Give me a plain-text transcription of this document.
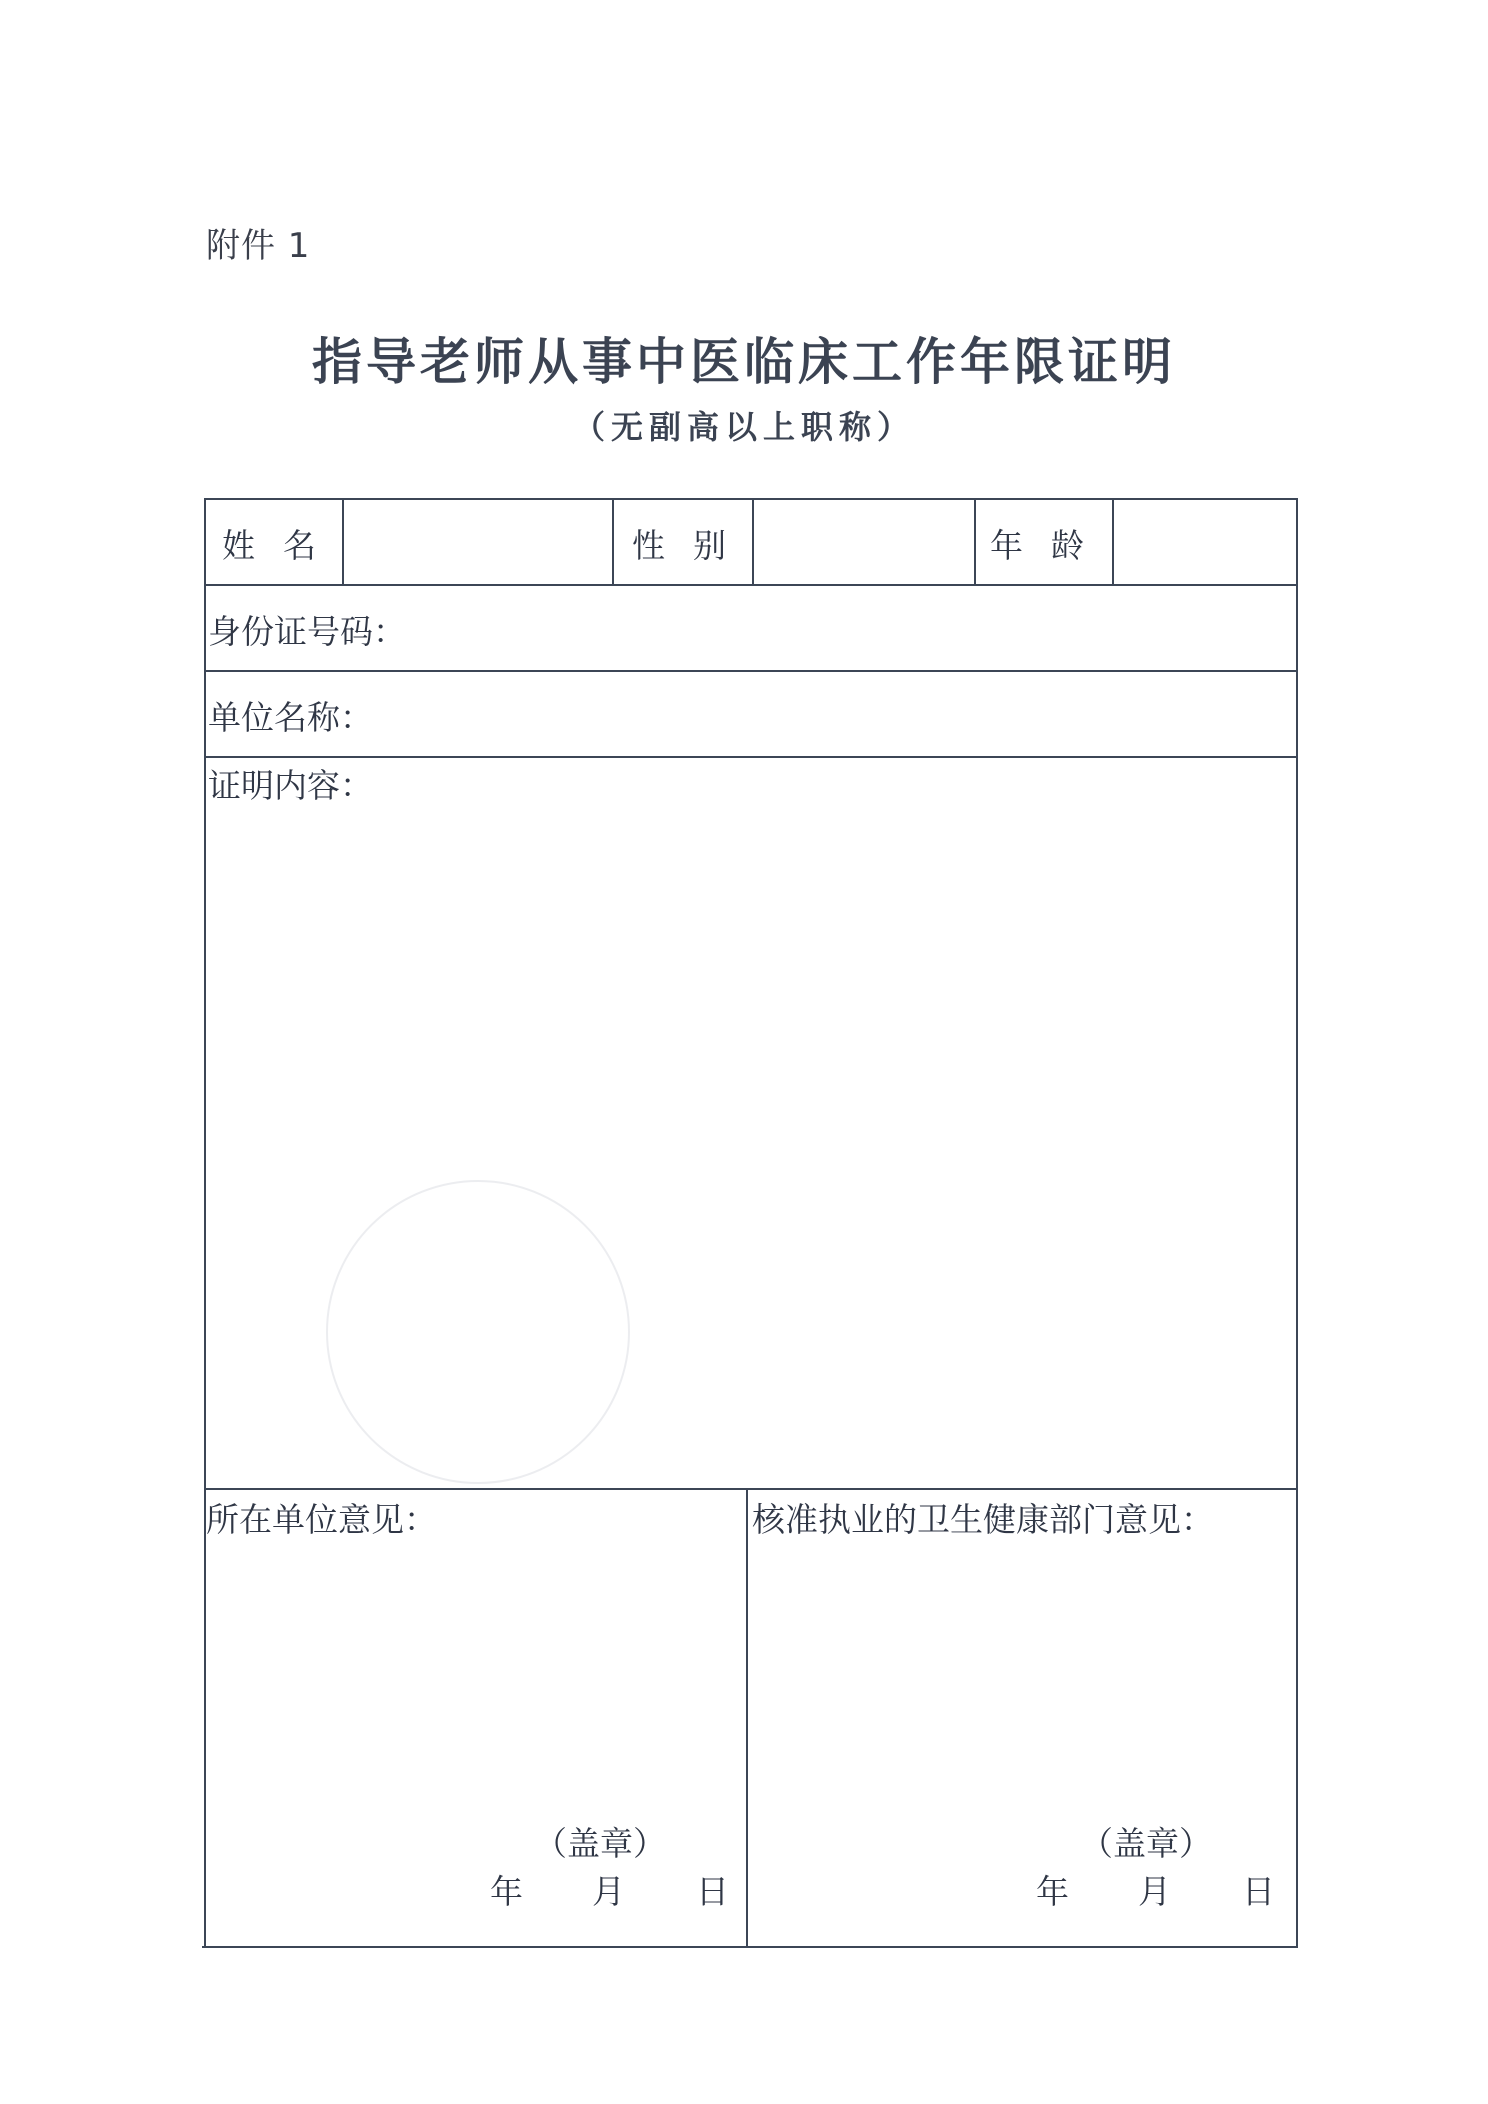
附件 1
指导老师从事中医临床工作年限证明
（无副高以上职称）
姓名	性别	年龄
身份证号码：
单位名称：
证明内容：
所在单位意见：
（盖章）
年 月 日
核准执业的卫生健康部门意见：
（盖章）
年 月 日
